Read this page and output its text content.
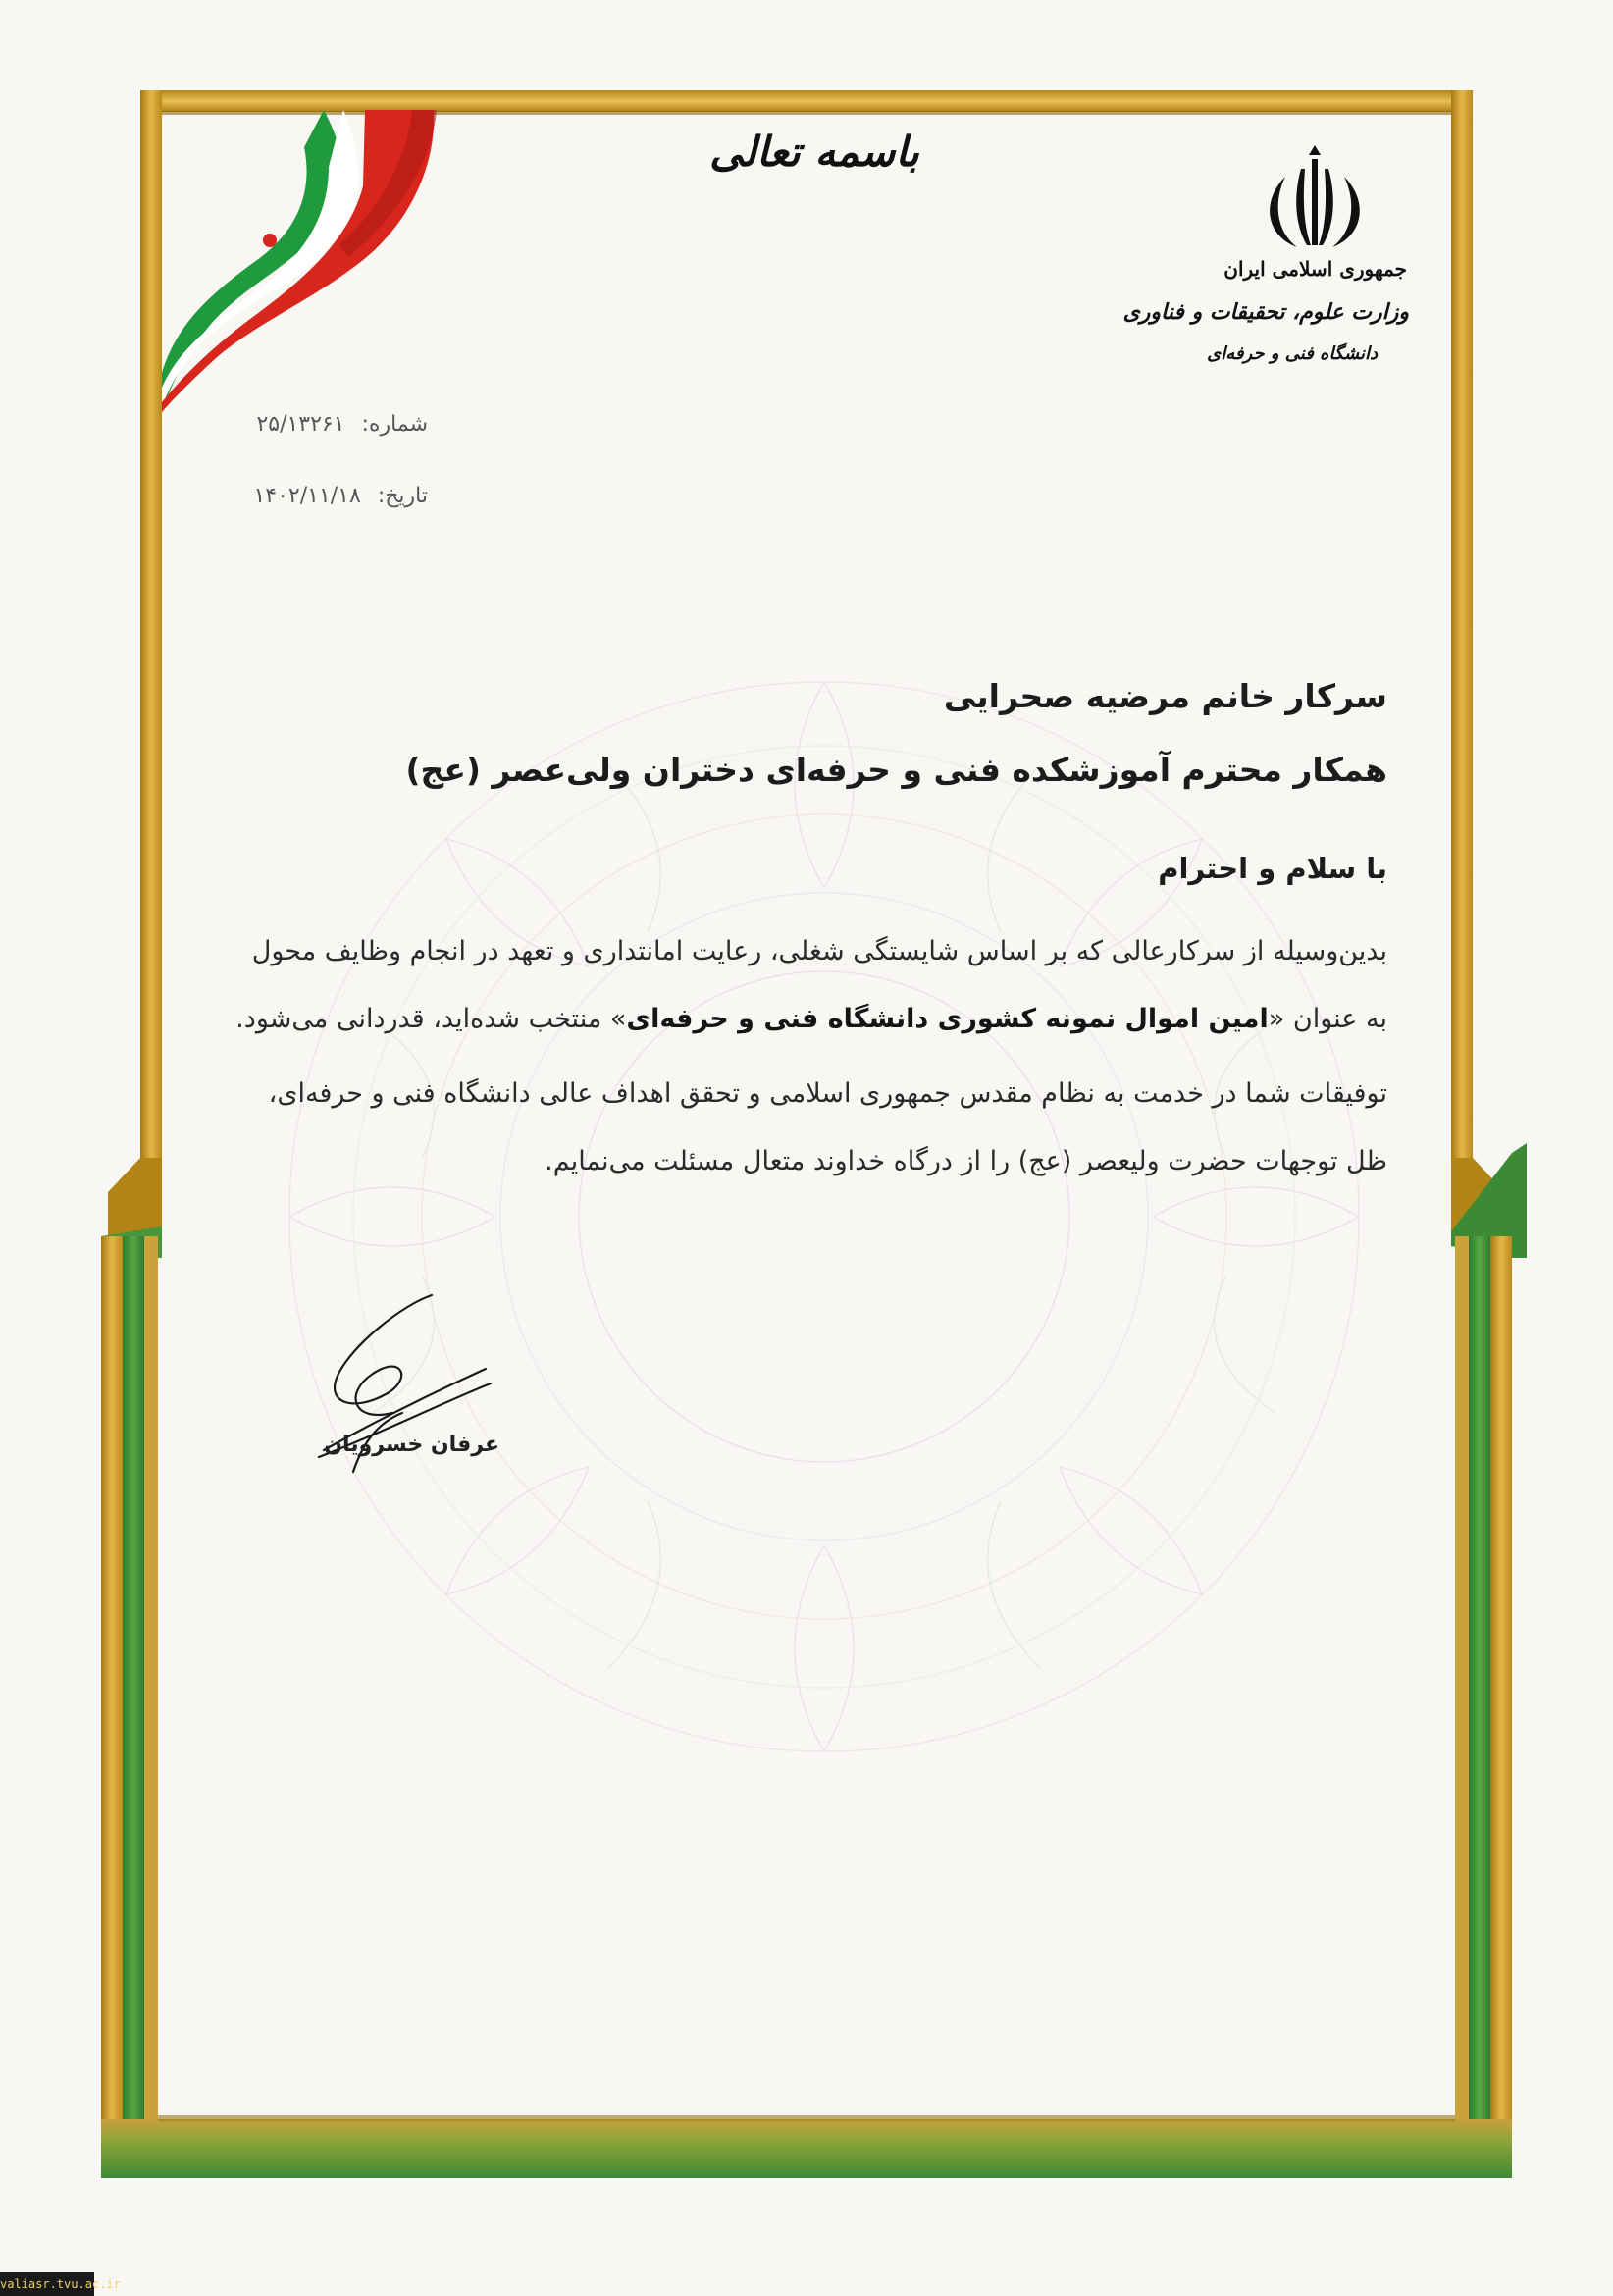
باسمه تعالی
جمهوری اسلامی ایران
وزارت علوم، تحقیقات و فناوری
دانشگاه فنی و حرفه‌ای
شماره: ۲۵/۱۳۲۶۱
تاریخ: ۱۴۰۲/۱۱/۱۸
سرکار خانم مرضیه صحرایی
همکار محترم آموزشکده فنی و حرفه‌ای دختران ولی‌عصر (عج)
با سلام و احترام
بدین‌وسیله از سرکارعالی که بر اساس شایستگی شغلی، رعایت امانتداری و تعهد در انجام وظایف محول
به عنوان «امین اموال نمونه کشوری دانشگاه فنی و حرفه‌ای» منتخب شده‌اید، قدردانی می‌شود.
توفیقات شما در خدمت به نظام مقدس جمهوری اسلامی و تحقق اهداف عالی دانشگاه فنی و حرفه‌ای،
ظل توجهات حضرت ولیعصر (عج) را از درگاه خداوند متعال مسئلت می‌نمایم.
عرفان خسرویان
valiasr.tvu.ac.ir
